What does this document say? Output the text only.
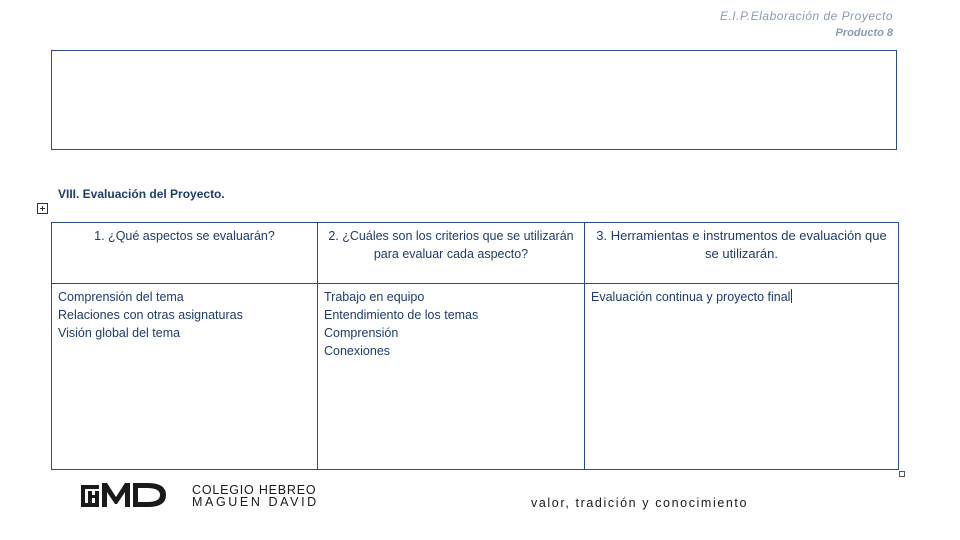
E.I.P.Elaboración de Proyecto
Producto 8
VIII. Evaluación del Proyecto.
1. ¿Qué aspectos se evaluarán?	2. ¿Cuáles son los criterios que se utilizarán para evaluar cada aspecto?	3. Herramientas e instrumentos de evaluación que se utilizarán.

Comprensión del tema
Relaciones con otras asignaturas
Visión global del tema	Trabajo en equipo
Entendimiento de los temas
Comprensión
Conexiones	Evaluación continua y proyecto final
COLEGIO HEBREO
MAGUEN DAVID	valor, tradición y conocimiento
